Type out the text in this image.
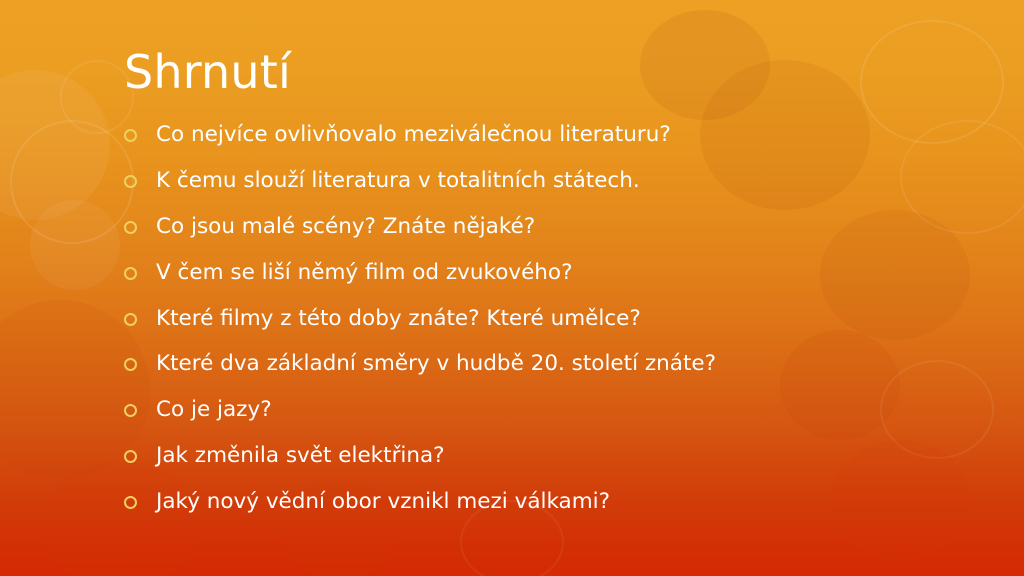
Shrnutí
Co nejvíce ovlivňovalo meziválečnou literaturu?
K čemu slouží literatura v totalitních státech.
Co jsou malé scény? Znáte nějaké?
V čem se liší němý film od zvukového?
Které filmy z této doby znáte? Které umělce?
Které dva základní směry v hudbě 20. století znáte?
Co je jazy?
Jak změnila svět elektřina?
Jaký nový vědní obor vznikl mezi válkami?
